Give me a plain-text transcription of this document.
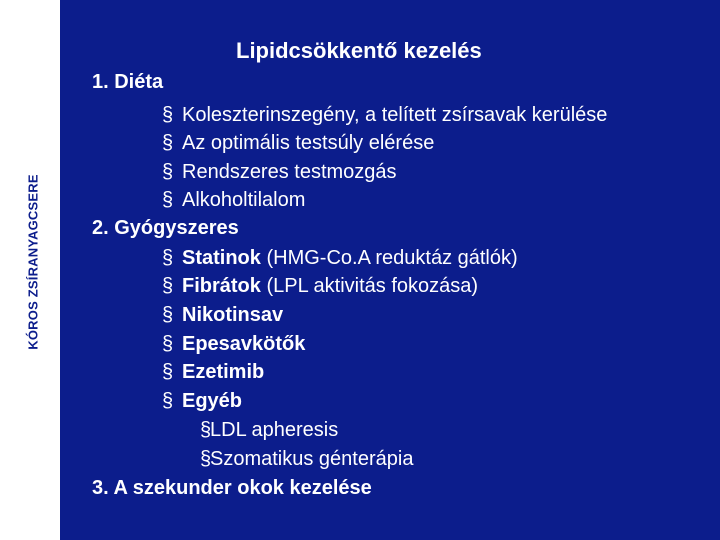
KÓROS ZSÍRANYAGCSERE
Lipidcsökkentő kezelés
1. Diéta
§ Koleszterinszegény, a telített zsírsavak kerülése
§ Az optimális testsúly elérése
§ Rendszeres testmozgás
§ Alkoholtilalom
2. Gyógyszeres
§ Statinok (HMG-Co.A reduktáz gátlók)
§ Fibrátok (LPL aktivitás fokozása)
§ Nikotinsav
§ Epesavkötők
§ Ezetimib
§ Egyéb
§LDL apheresis
§Szomatikus génterápia
3. A szekunder okok kezelése
